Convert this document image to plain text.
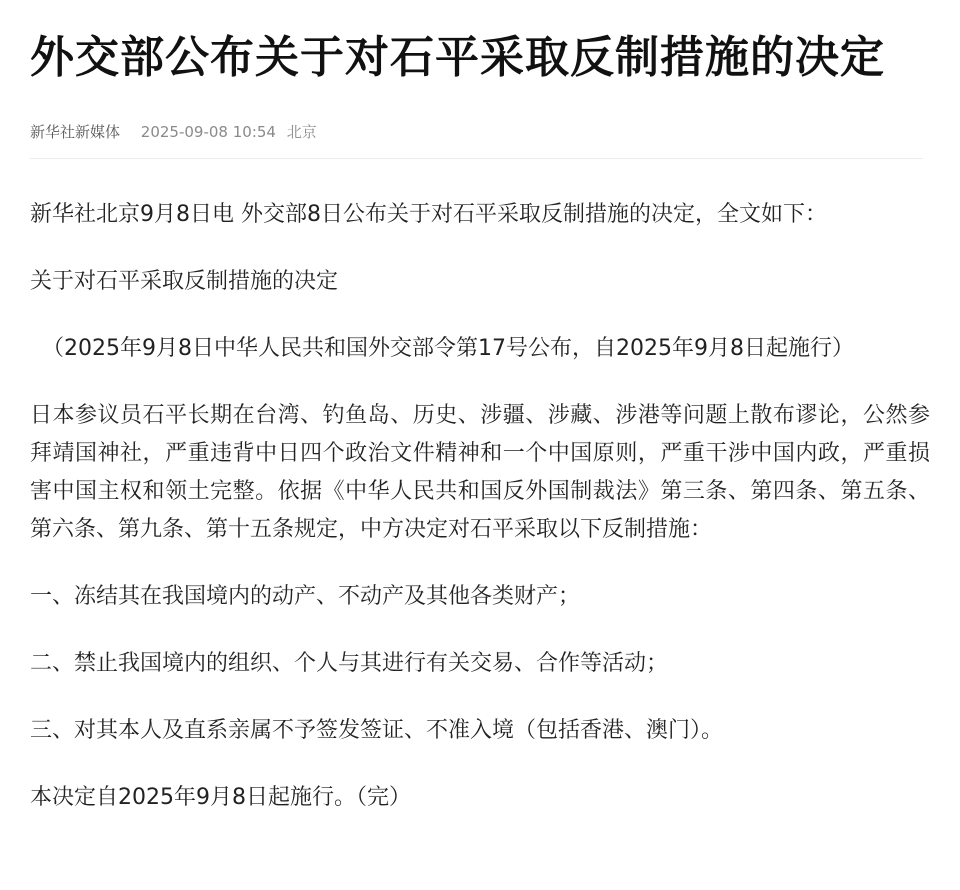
外交部公布关于对石平采取反制措施的决定
新华社新媒体 2025-09-08 10:54 北京

新华社北京9月8日电 外交部8日公布关于对石平采取反制措施的决定，全文如下：

关于对石平采取反制措施的决定

（2025年9月8日中华人民共和国外交部令第17号公布，自2025年9月8日起施行）

日本参议员石平长期在台湾、钓鱼岛、历史、涉疆、涉藏、涉港等问题上散布谬论，公然参拜靖国神社，严重违背中日四个政治文件精神和一个中国原则，严重干涉中国内政，严重损害中国主权和领土完整。依据《中华人民共和国反外国制裁法》第三条、第四条、第五条、第六条、第九条、第十五条规定，中方决定对石平采取以下反制措施：

一、冻结其在我国境内的动产、不动产及其他各类财产；

二、禁止我国境内的组织、个人与其进行有关交易、合作等活动；

三、对其本人及直系亲属不予签发签证、不准入境（包括香港、澳门）。

本决定自2025年9月8日起施行。（完）
